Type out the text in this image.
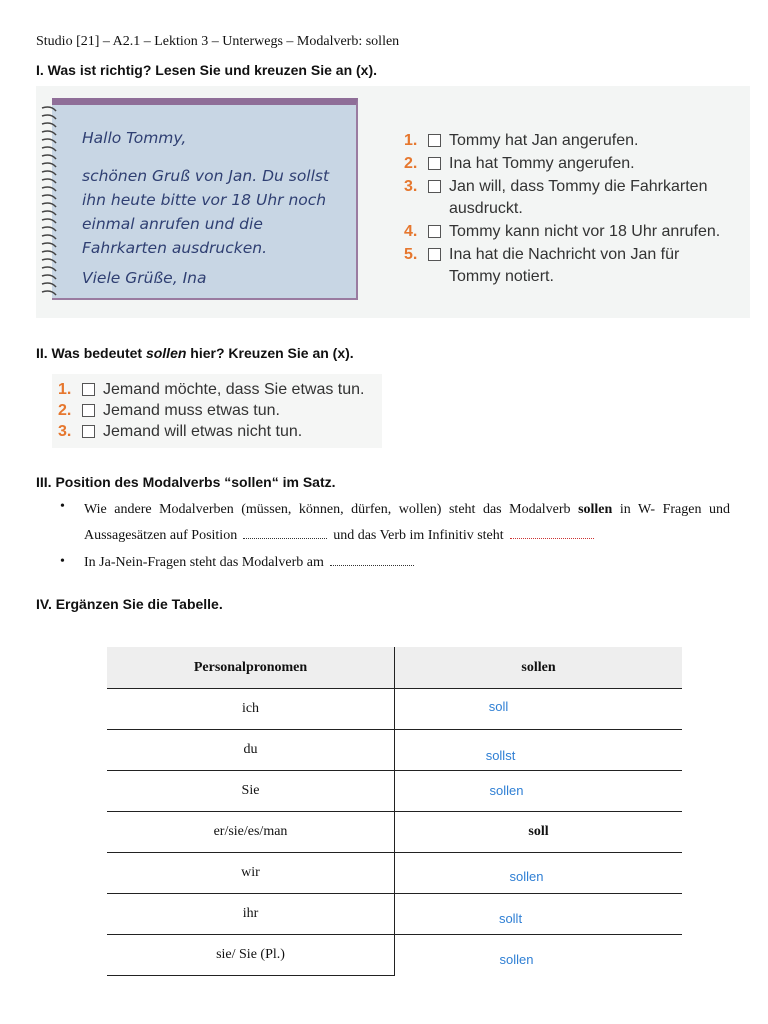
Studio [21] – A2.1 – Lektion 3 – Unterwegs – Modalverb: sollen
I. Was ist richtig? Lesen Sie und kreuzen Sie an (x).
Hallo Tommy,
schönen Gruß von Jan. Du sollst
ihn heute bitte vor 18 Uhr noch
einmal anrufen und die
Fahrkarten ausdrucken.
Viele Grüße, Ina
1.	Tommy hat Jan angerufen.
2.	Ina hat Tommy angerufen.
3.	Jan will, dass Tommy die Fahrkarten
ausdruckt.
4.	Tommy kann nicht vor 18 Uhr anrufen.
5.	Ina hat die Nachricht von Jan für
Tommy notiert.
II. Was bedeutet sollen hier? Kreuzen Sie an (x).
1.	Jemand möchte, dass Sie etwas tun.
2.	Jemand muss etwas tun.
3.	Jemand will etwas nicht tun.
III. Position des Modalverbs “sollen“ im Satz.
• Wie andere Modalverben (müssen, können, dürfen, wollen) steht das Modalverb sollen in W- Fragen und Aussagesätzen auf Position	und das Verb im Infinitiv steht
• In Ja-Nein-Fragen steht das Modalverb am
IV. Ergänzen Sie die Tabelle.
Personalpronomen	sollen
ich	soll
du	sollst
Sie	sollen
er/sie/es/man	soll
wir	sollen
ihr	sollt
sie/ Sie (Pl.)	sollen
